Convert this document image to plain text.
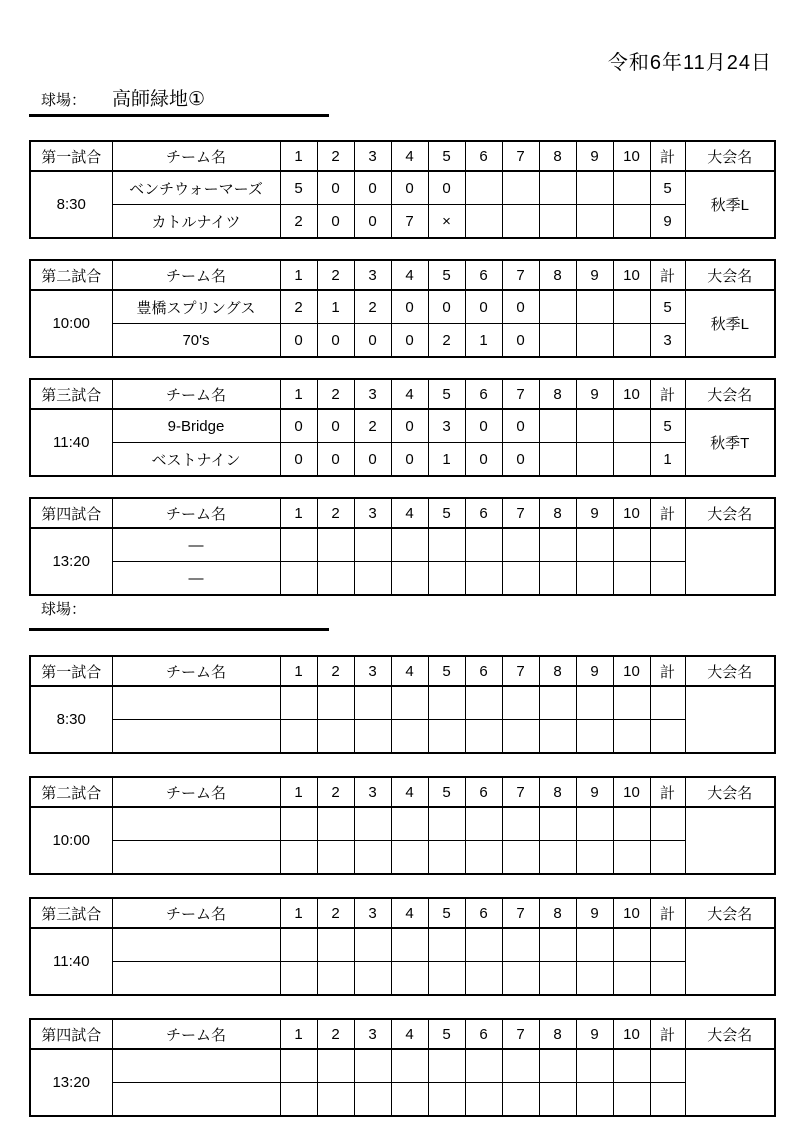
令和6年11月24日
球場： 高師緑地①
第一試合	チーム名	1	2	3	4	5	6	7	8	9	10	計	大会名
8:30	ベンチウォーマーズ	5	0	0	0	0						5	秋季L
	カトルナイツ	2	0	0	7	×						9	
第二試合	チーム名	1	2	3	4	5	6	7	8	9	10	計	大会名
10:00	豊橋スプリングス	2	1	2	0	0	0	0				5	秋季L
	70's	0	0	0	0	2	1	0				3	
第三試合	チーム名	1	2	3	4	5	6	7	8	9	10	計	大会名
11:40	9-Bridge	0	0	2	0	3	0	0				5	秋季T
	ベストナイン	0	0	0	0	1	0	0				1	
第四試合	チーム名	1	2	3	4	5	6	7	8	9	10	計	大会名
13:20	―												
	―												
球場：
第一試合	チーム名	1	2	3	4	5	6	7	8	9	10	計	大会名
8:30													

第二試合	チーム名	1	2	3	4	5	6	7	8	9	10	計	大会名
10:00													

第三試合	チーム名	1	2	3	4	5	6	7	8	9	10	計	大会名
11:40													

第四試合	チーム名	1	2	3	4	5	6	7	8	9	10	計	大会名
13:20													
